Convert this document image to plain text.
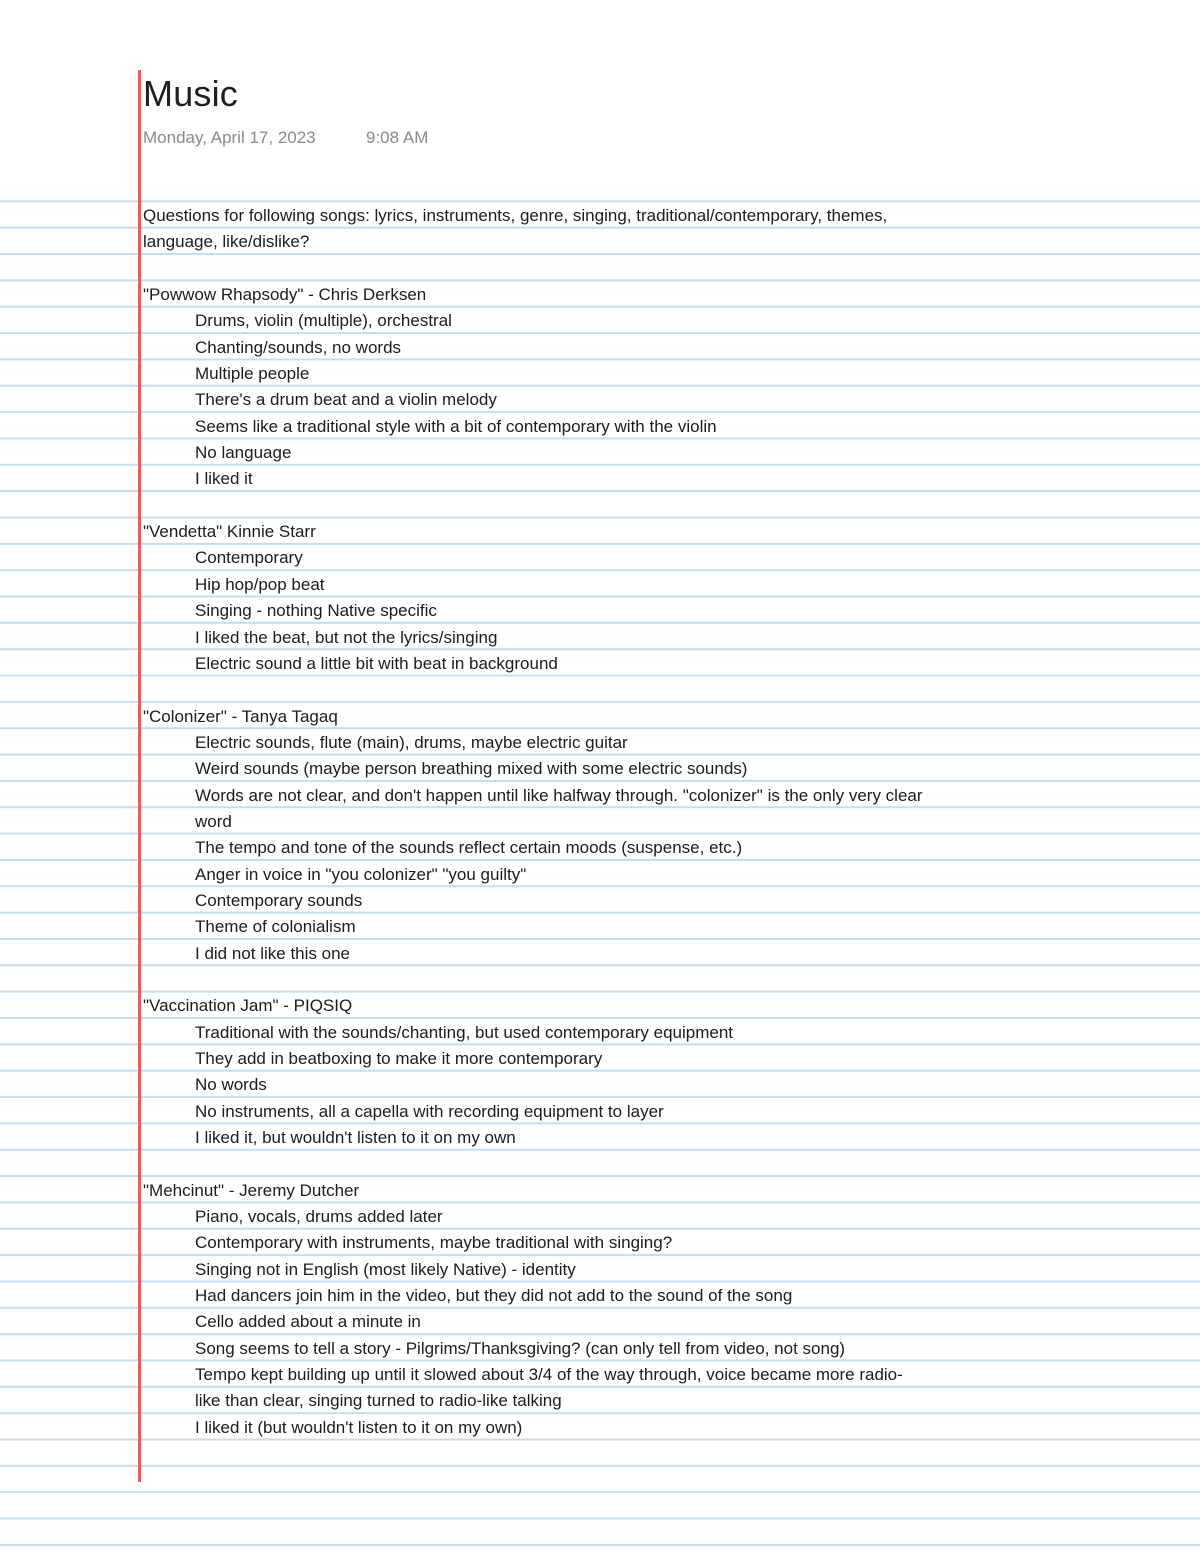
Music
Monday, April 17, 2023	9:08 AM
Questions for following songs: lyrics, instruments, genre, singing, traditional/contemporary, themes,
language, like/dislike?
"Powwow Rhapsody" - Chris Derksen
Drums, violin (multiple), orchestral
Chanting/sounds, no words
Multiple people
There's a drum beat and a violin melody
Seems like a traditional style with a bit of contemporary with the violin
No language
I liked it
"Vendetta" Kinnie Starr
Contemporary
Hip hop/pop beat
Singing - nothing Native specific
I liked the beat, but not the lyrics/singing
Electric sound a little bit with beat in background
"Colonizer" - Tanya Tagaq
Electric sounds, flute (main), drums, maybe electric guitar
Weird sounds (maybe person breathing mixed with some electric sounds)
Words are not clear, and don't happen until like halfway through. "colonizer" is the only very clear
word
The tempo and tone of the sounds reflect certain moods (suspense, etc.)
Anger in voice in "you colonizer" "you guilty"
Contemporary sounds
Theme of colonialism
I did not like this one
"Vaccination Jam" - PIQSIQ
Traditional with the sounds/chanting, but used contemporary equipment
They add in beatboxing to make it more contemporary
No words
No instruments, all a capella with recording equipment to layer
I liked it, but wouldn't listen to it on my own
"Mehcinut" - Jeremy Dutcher
Piano, vocals, drums added later
Contemporary with instruments, maybe traditional with singing?
Singing not in English (most likely Native) - identity
Had dancers join him in the video, but they did not add to the sound of the song
Cello added about a minute in
Song seems to tell a story - Pilgrims/Thanksgiving? (can only tell from video, not song)
Tempo kept building up until it slowed about 3/4 of the way through, voice became more radio-
like than clear, singing turned to radio-like talking
I liked it (but wouldn't listen to it on my own)
